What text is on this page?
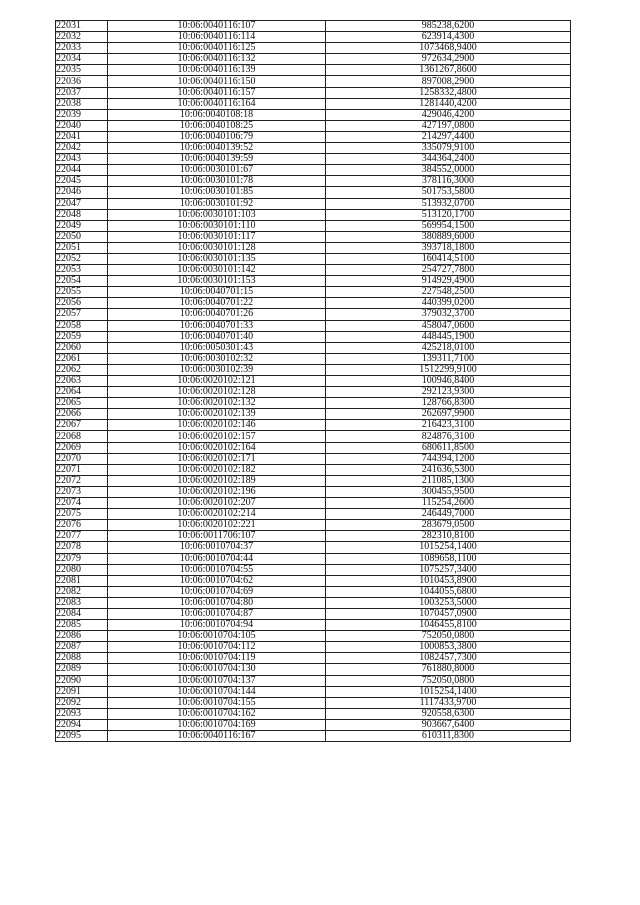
22031	10:06:0040116:107	985238,6200
22032	10:06:0040116:114	623914,4300
22033	10:06:0040116:125	1073468,9400
22034	10:06:0040116:132	972634,2900
22035	10:06:0040116:139	1361267,8600
22036	10:06:0040116:150	897008,2900
22037	10:06:0040116:157	1258332,4800
22038	10:06:0040116:164	1281440,4200
22039	10:06:0040108:18	429046,4200
22040	10:06:0040108:25	427197,0800
22041	10:06:0040106:79	214297,4400
22042	10:06:0040139:52	335079,9100
22043	10:06:0040139:59	344364,2400
22044	10:06:0030101:67	384552,0000
22045	10:06:0030101:78	378116,3000
22046	10:06:0030101:85	501753,5800
22047	10:06:0030101:92	513932,0700
22048	10:06:0030101:103	513120,1700
22049	10:06:0030101:110	569954,1500
22050	10:06:0030101:117	380889,6000
22051	10:06:0030101:128	393718,1800
22052	10:06:0030101:135	160414,5100
22053	10:06:0030101:142	254727,7800
22054	10:06:0030101:153	914929,4900
22055	10:06:0040701:15	227548,2500
22056	10:06:0040701:22	440399,0200
22057	10:06:0040701:26	379032,3700
22058	10:06:0040701:33	458047,0600
22059	10:06:0040701:40	448445,1900
22060	10:06:0050301:43	425218,0100
22061	10:06:0030102:32	139311,7100
22062	10:06:0030102:39	1512299,9100
22063	10:06:0020102:121	100946,8400
22064	10:06:0020102:128	292123,9300
22065	10:06:0020102:132	128766,8300
22066	10:06:0020102:139	262697,9900
22067	10:06:0020102:146	216423,3100
22068	10:06:0020102:157	824876,3100
22069	10:06:0020102:164	680611,8500
22070	10:06:0020102:171	744394,1200
22071	10:06:0020102:182	241636,5300
22072	10:06:0020102:189	211085,1300
22073	10:06:0020102:196	300455,9500
22074	10:06:0020102:207	115254,2600
22075	10:06:0020102:214	246449,7000
22076	10:06:0020102:221	283679,0500
22077	10:06:0011706:107	282310,8100
22078	10:06:0010704:37	1015254,1400
22079	10:06:0010704:44	1089658,1100
22080	10:06:0010704:55	1075257,3400
22081	10:06:0010704:62	1010453,8900
22082	10:06:0010704:69	1044055,6800
22083	10:06:0010704:80	1003253,5000
22084	10:06:0010704:87	1070457,0900
22085	10:06:0010704:94	1046455,8100
22086	10:06:0010704:105	752050,0800
22087	10:06:0010704:112	1000853,3800
22088	10:06:0010704:119	1082457,7300
22089	10:06:0010704:130	761880,8000
22090	10:06:0010704:137	752050,0800
22091	10:06:0010704:144	1015254,1400
22092	10:06:0010704:155	1117433,9700
22093	10:06:0010704:162	920558,6300
22094	10:06:0010704:169	903667,6400
22095	10:06:0040116:167	610311,8300
